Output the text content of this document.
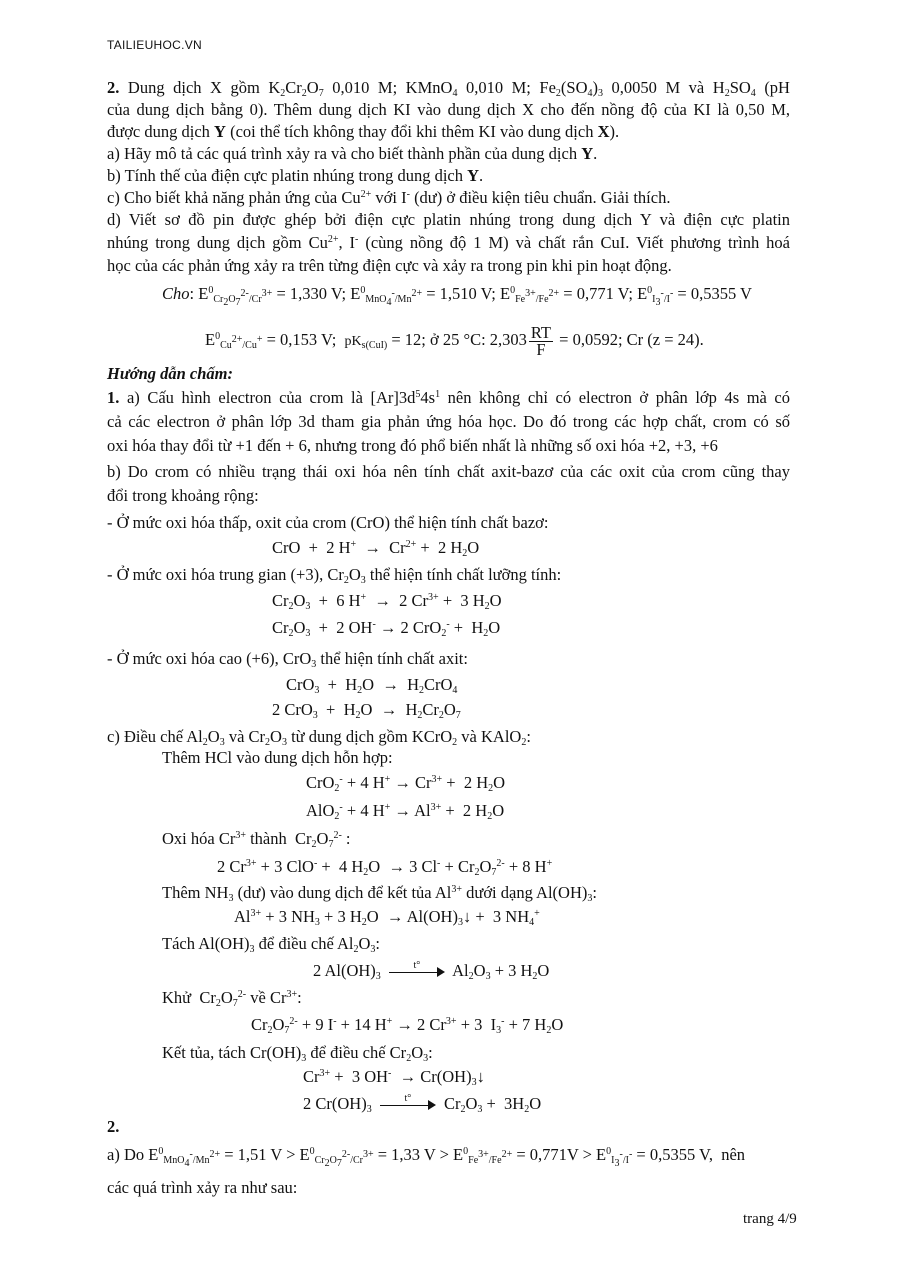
TAILIEUHOC.VN
2. Dung dịch X gồm $K_2Cr_2O_7$ 0,010 M; KMnO$_4$ 0,010 M; $Fe_2(SO_4)_3$ 0,0050 M và $H_2SO_4$ (pH
của dung dịch bằng 0). Thêm dung dịch KI vào dung dịch X cho đến nồng độ của KI là 0,50 M,
được dung dịch Y (coi thể tích không thay đổi khi thêm KI vào dung dịch X).
a) Hãy mô tả các quá trình xảy ra và cho biết thành phần của dung dịch Y.
b) Tính thế của điện cực platin nhúng trong dung dịch Y.
c) Cho biết khả năng phản ứng của $Cu^{2+}$ với I- (dư) ở điều kiện tiêu chuẩn. Giải thích.
d) Viết sơ đồ pin được ghép bởi điện cực platin nhúng trong dung dịch Y và điện cực platin
nhúng trong dung dịch gồm $Cu^{2+}$, I- (cùng nồng độ 1 M) và chất rắn CuI. Viết phương trình hoá
học của các phản ứng xảy ra trên từng điện cực và xảy ra trong pin khi pin hoạt động.
Cho: $E^0_{Cr_2O_7^{2-}/Cr^{3+}} = 1,330$ V; $E^0_{MnO_4^-/Mn^{2+}} = 1,510$ V; $E^0_{Fe^{3+}/Fe^{2+}} = 0,771$ V; $E^0_{I_3^-/I^-} = 0,5355$ V
$E^0_{Cu^{2+}/Cu^+} = 0,153$ V;  $pK_{s(CuI)} = 12$; ở 25 °C: $2,303 \frac{RT}{F} = 0,0592$; Cr (z = 24).
Hướng dẫn chấm:
1. a) Cấu hình electron của crom là $[Ar]3d^54s^1$ nên không chỉ có electron ở phân lớp 4s mà có
cả các electron ở phân lớp 3d tham gia phản ứng hóa học. Do đó trong các hợp chất, crom có số
oxi hóa thay đổi từ +1 đến + 6, nhưng trong đó phổ biến nhất là những số oxi hóa +2, +3, +6
b) Do crom có nhiều trạng thái oxi hóa nên tính chất axit-bazơ của các oxit của crom cũng thay
đổi trong khoảng rộng:
- Ở mức oxi hóa thấp, oxit của crom (CrO) thể hiện tính chất bazơ:
CrO  +  2 $H^+ \to Cr^{2+} + 2$ $H_2O$
- Ở mức oxi hóa trung gian (+3), $Cr_2O_3$ thể hiện tính chất lưỡng tính:
$Cr_2O_3 + 6$ H+  →  2 $Cr^{3+} + 3$ $H_2O$
$Cr_2O_3 + 2$ OH- → 2 $CrO_2^- + H_2O$
- Ở mức oxi hóa cao (+6), CrO$_3$ thể hiện tính chất axit:
$CrO_3 + H_2O \to H_2CrO_4$
2 $CrO_3 + H_2O \to H_2Cr_2O_7$
c) Điều chế $Al_2O_3$ và $Cr_2O_3$ từ dung dịch gồm KCrO$_2$ và KAlO$_2$:
Thêm HCl vào dung dịch hỗn hợp:
CrO$_2$- + 4 $H^+ \to Cr^{3+} + 2$ $H_2O$
AlO$_2$- + 4 $H^+ \to Al^{3+} + 2$ $H_2O$
Oxi hóa $Cr^{3+}$ thành  $Cr_2O_7^{2-}$ :
2 $Cr^{3+} + 3$ ClO- +  4 $H_2O \to 3$ $Cl^- + Cr_2O_7^{2-} + 8$ H+
Thêm $NH_3$ (dư) vào dung dịch để kết tủa $Al^{3+}$ dưới dạng $Al(OH)_3$:
$Al^{3+} + 3$ $NH_3 + 3$ $H_2O$  → $Al(OH)_3↓ + 3$ $NH_4^+$
Tách $Al(OH)_3$ để điều chế $Al_2O_3$:
2 $Al(OH)_3$
t°	$Al_2O_3 + 3$ $H_2O$
Khử  $Cr_2O_7^{2-}$ về $Cr^{3+}$:
$Cr_2O_7^{2-} + 9$ I- + 14 H+ → 2 $Cr^{3+} + 3$  $I_3^- + 7$ $H_2O$
Kết tủa, tách $Cr(OH)_3$ để điều chế $Cr_2O_3$:
$Cr^{3+} + 3$ $OH^- \to Cr(OH)_3↓$
2 $Cr(OH)_3$
t°	$Cr_2O_3 + 3H_2O$
2.
a) Do $E^0_{MnO_4^-/Mn^{2+}} = 1,51$ $V > E^0_{Cr_2O_7^{2-}/Cr^{3+}} = 1,33$ $V > E^0_{Fe^{3+}/Fe^{2+}} = 0,771V > E^0_{I_3^-/I^-} = 0,5355$ V,  nên
các quá trình xảy ra như sau:
trang 4/9
